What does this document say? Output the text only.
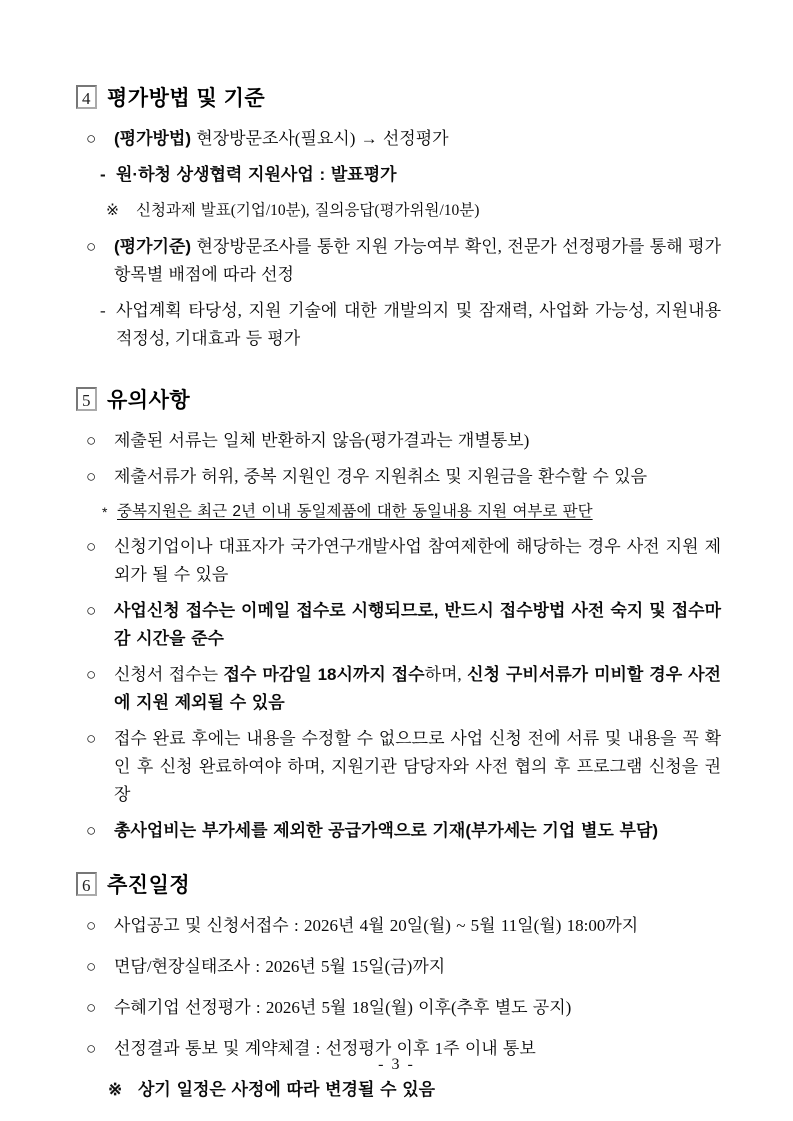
4 평가방법 및 기준

○	(평가방법) 현장방문조사(필요시) → 선정평가

- 원·하청 상생협력 지원사업 : 발표평가

※	신청과제 발표(기업/10분), 질의응답(평가위원/10분)

○	(평가기준) 현장방문조사를 통한 지원 가능여부 확인, 전문가 선정평가를 통해 평가항목별 배점에 따라 선정

- 사업계획 타당성, 지원 기술에 대한 개발의지 및 잠재력, 사업화 가능성, 지원내용 적정성, 기대효과 등 평가

5 유의사항

○	제출된 서류는 일체 반환하지 않음(평가결과는 개별통보)

○	제출서류가 허위, 중복 지원인 경우 지원취소 및 지원금을 환수할 수 있음

* 중복지원은 최근 2년 이내 동일제품에 대한 동일내용 지원 여부로 판단

○	신청기업이나 대표자가 국가연구개발사업 참여제한에 해당하는 경우 사전 지원 제외가 될 수 있음

○	사업신청 접수는 이메일 접수로 시행되므로, 반드시 접수방법 사전 숙지 및 접수마감 시간을 준수

○	신청서 접수는 접수 마감일 18시까지 접수하며, 신청 구비서류가 미비할 경우 사전에 지원 제외될 수 있음

○	접수 완료 후에는 내용을 수정할 수 없으므로 사업 신청 전에 서류 및 내용을 꼭 확인 후 신청 완료하여야 하며, 지원기관 담당자와 사전 협의 후 프로그램 신청을 권장

○	총사업비는 부가세를 제외한 공급가액으로 기재(부가세는 기업 별도 부담)

6 추진일정

○	사업공고 및 신청서접수 : 2026년 4월 20일(월) ~ 5월 11일(월) 18:00까지

○	면담/현장실태조사 : 2026년 5월 15일(금)까지

○	수혜기업 선정평가 : 2026년 5월 18일(월) 이후(추후 별도 공지)

○	선정결과 통보 및 계약체결 : 선정평가 이후 1주 이내 통보

※ 상기 일정은 사정에 따라 변경될 수 있음

- 3 -
